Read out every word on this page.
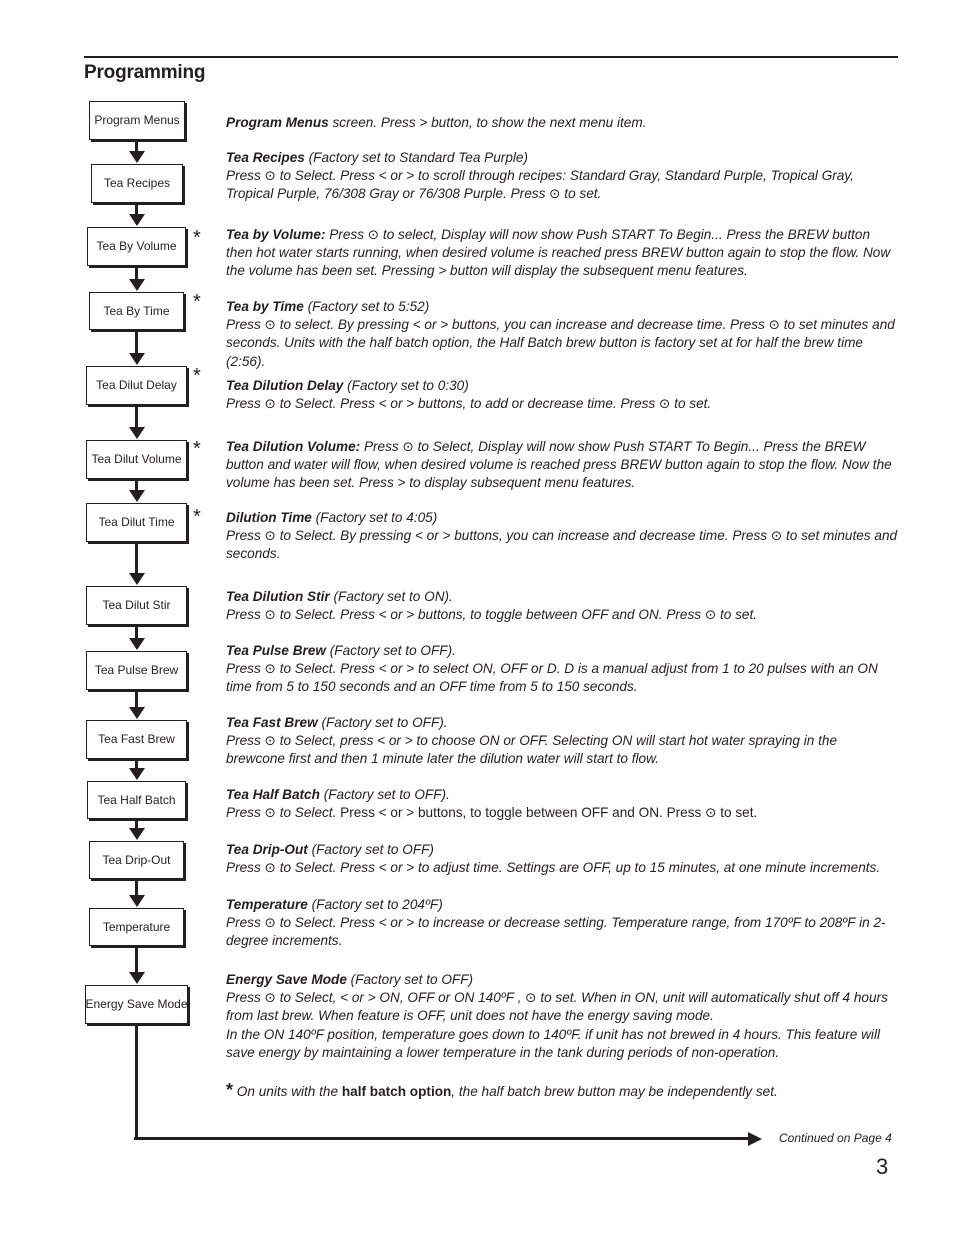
Programming
Program Menus
Tea Recipes
Tea By Volume
Tea By Time
Tea Dilut Delay
Tea Dilut Volume
Tea Dilut Time
Tea Dilut Stir
Tea Pulse Brew
Tea Fast Brew
Tea Half Batch
Tea Drip-Out
Temperature
Energy Save Mode
*
*
*
*
*
Program Menus screen. Press > button, to show the next menu item.
Tea Recipes (Factory set to Standard Tea Purple)
Press ⊙ to Select. Press < or > to scroll through recipes: Standard Gray, Standard Purple, Tropical Gray, Tropical Purple, 76/308 Gray or 76/308 Purple. Press ⊙ to set.
Tea by Volume: Press ⊙ to select, Display will now show Push START To Begin... Press the BREW button then hot water starts running, when desired volume is reached press BREW button again to stop the flow. Now the volume has been set. Pressing > button will display the subsequent menu features.
Tea by Time (Factory set to 5:52)
Press ⊙ to select. By pressing < or > buttons, you can increase and decrease time. Press ⊙ to set minutes and seconds. Units with the half batch option, the Half Batch brew button is factory set at for half the brew time (2:56).
Tea Dilution Delay (Factory set to 0:30)
Press ⊙ to Select. Press < or > buttons, to add or decrease time. Press ⊙ to set.
Tea Dilution Volume: Press ⊙ to Select, Display will now show Push START To Begin... Press the BREW button and water will flow, when desired volume is reached press BREW button again to stop the flow. Now the volume has been set. Press > to display subsequent menu features.
Dilution Time (Factory set to 4:05)
Press ⊙ to Select. By pressing < or > buttons, you can increase and decrease time. Press ⊙ to set minutes and seconds.
Tea Dilution Stir (Factory set to ON).
Press ⊙ to Select. Press < or > buttons, to toggle between OFF and ON. Press ⊙ to set.
Tea Pulse Brew (Factory set to OFF).
Press ⊙ to Select. Press < or > to select ON, OFF or D. D is a manual adjust from 1 to 20 pulses with an ON time from 5 to 150 seconds and an OFF time from 5 to 150 seconds.
Tea Fast Brew (Factory set to OFF).
Press ⊙ to Select, press < or > to choose ON or OFF. Selecting ON will start hot water spraying in the brewcone first and then 1 minute later the dilution water will start to flow.
Tea Half Batch (Factory set to OFF).
Press ⊙ to Select. Press < or > buttons, to toggle between OFF and ON. Press ⊙ to set.
Tea Drip-Out (Factory set to OFF)
Press ⊙ to Select. Press < or > to adjust time. Settings are OFF, up to 15 minutes, at one minute increments.
Temperature (Factory set to 204ºF)
Press ⊙ to Select. Press < or > to increase or decrease setting. Temperature range, from 170ºF to 208ºF in 2-degree increments.
Energy Save Mode (Factory set to OFF)
Press ⊙ to Select, < or > ON, OFF or ON 140ºF , ⊙ to set. When in ON, unit will automatically shut off 4 hours from last brew. When feature is OFF, unit does not have the energy saving mode.
In the ON 140ºF position, temperature goes down to 140ºF. if unit has not brewed in 4 hours. This feature will save energy by maintaining a lower temperature in the tank during periods of non-operation.
* On units with the half batch option, the half batch brew button may be independently set.
Continued on Page 4
3
